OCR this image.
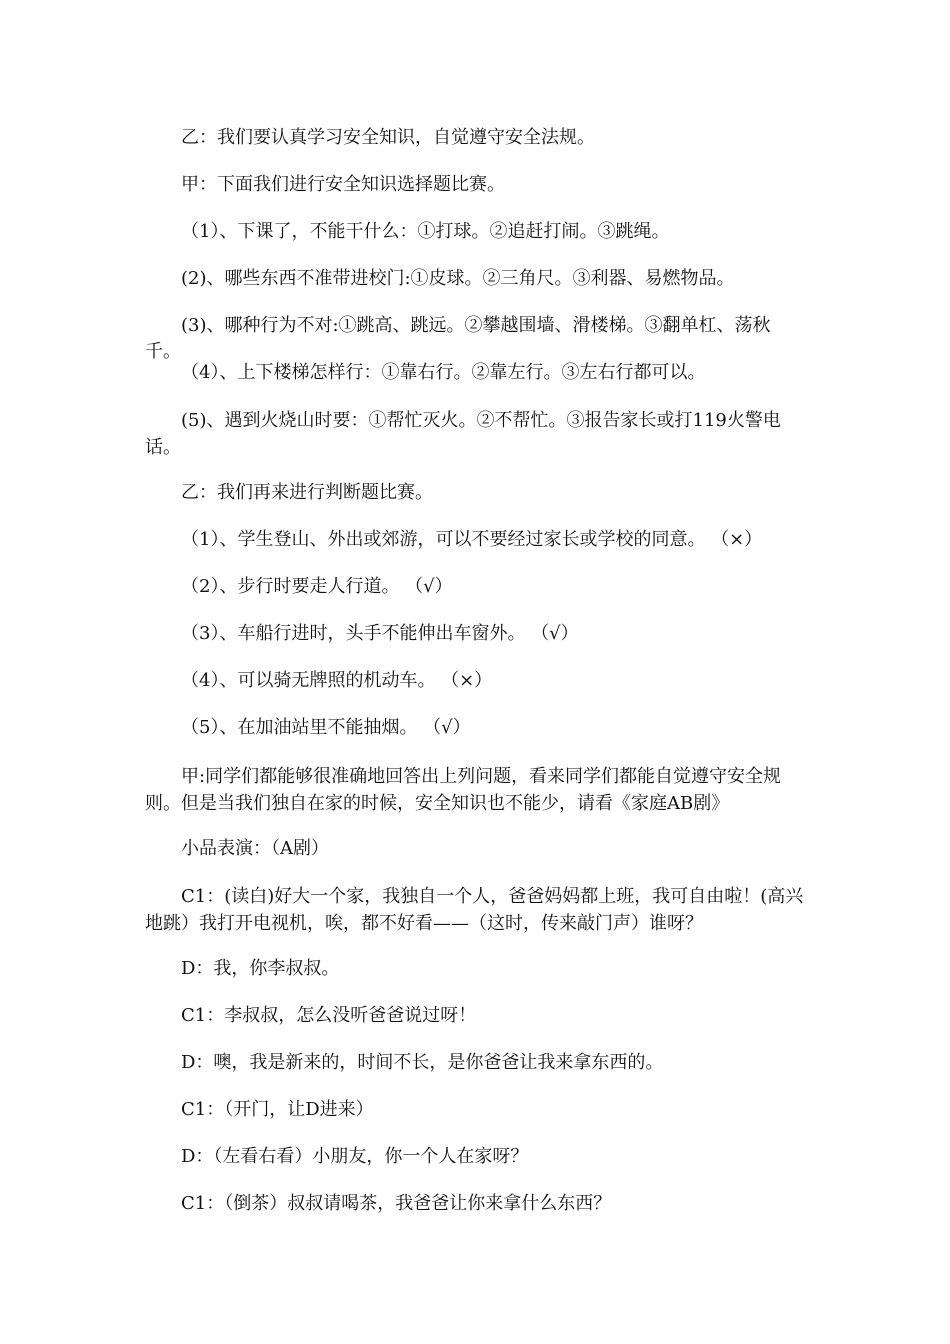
乙：我们要认真学习安全知识，自觉遵守安全法规。

甲：下面我们进行安全知识选择题比赛。

（1）、下课了，不能干什么：①打球。②追赶打闹。③跳绳。

(2)、哪些东西不准带进校门:①皮球。②三角尺。③利器、易燃物品。

(3)、哪种行为不对:①跳高、跳远。②攀越围墙、滑楼梯。③翻单杠、荡秋千。

（4）、上下楼梯怎样行：①靠右行。②靠左行。③左右行都可以。

(5)、遇到火烧山时要：①帮忙灭火。②不帮忙。③报告家长或打119火警电话。

乙：我们再来进行判断题比赛。

（1）、学生登山、外出或郊游，可以不要经过家长或学校的同意。 （×）

（2）、步行时要走人行道。 （√）

（3）、车船行进时，头手不能伸出车窗外。 （√）

（4）、可以骑无牌照的机动车。 （×）

（5）、在加油站里不能抽烟。 （√）

甲:同学们都能够很准确地回答出上列问题，看来同学们都能自觉遵守安全规则。但是当我们独自在家的时候，安全知识也不能少，请看《家庭AB剧》

小品表演：（A剧）

C1：(读白)好大一个家，我独自一个人，爸爸妈妈都上班，我可自由啦！(高兴地跳）我打开电视机，唉，都不好看——（这时，传来敲门声）谁呀？

D：我，你李叔叔。

C1：李叔叔，怎么没听爸爸说过呀！

D：噢，我是新来的，时间不长，是你爸爸让我来拿东西的。

C1：（开门，让D进来）

D：（左看右看）小朋友，你一个人在家呀？

C1：（倒茶）叔叔请喝茶，我爸爸让你来拿什么东西？
